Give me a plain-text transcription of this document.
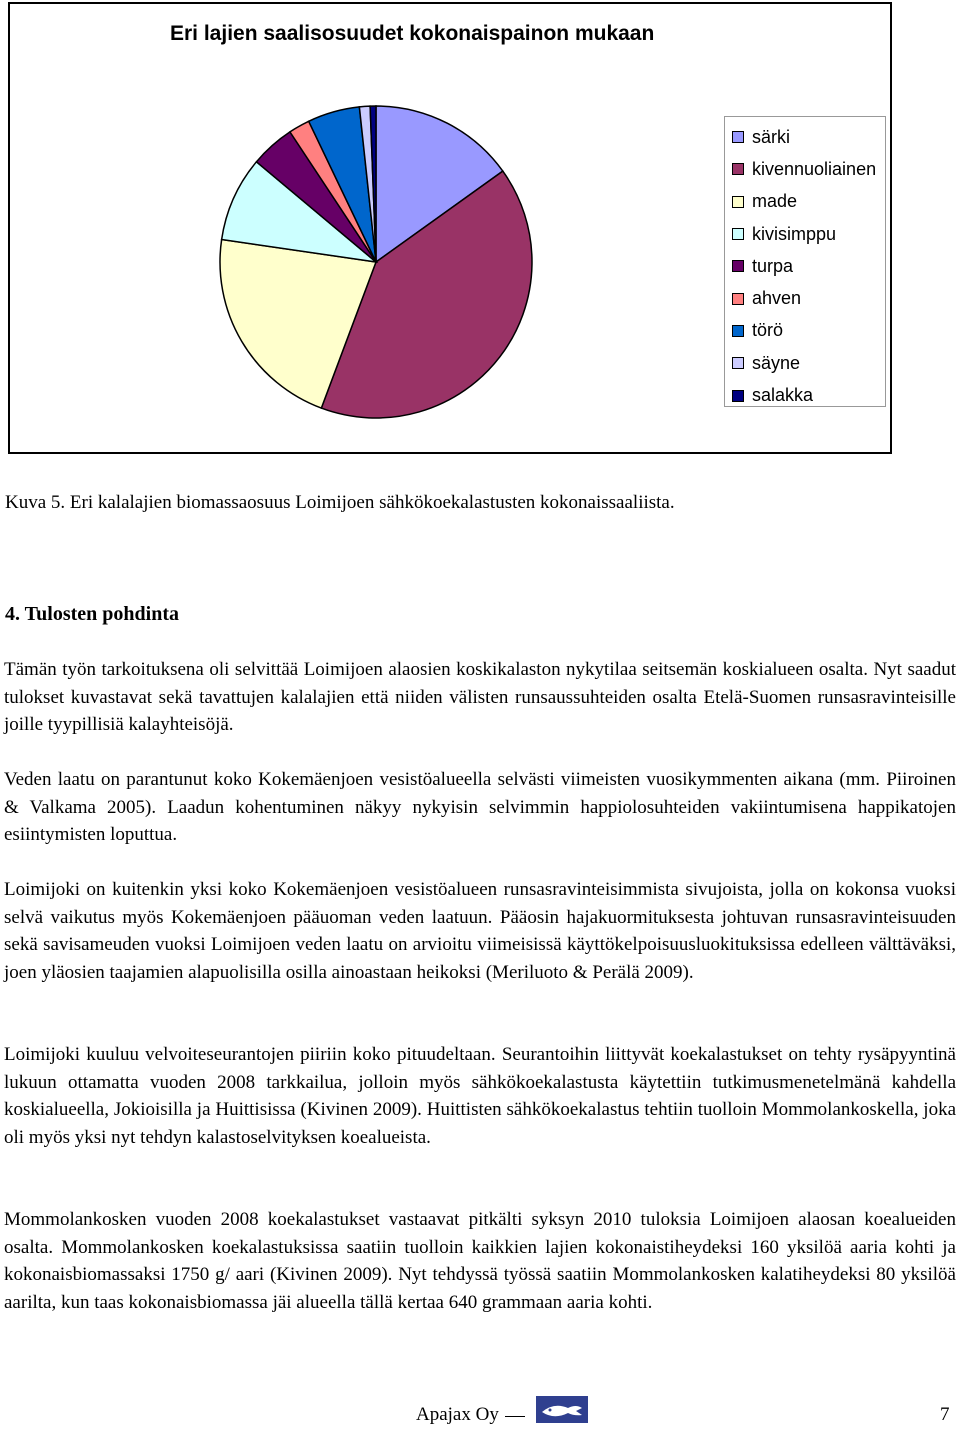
Eri lajien saalisosuudet kokonaispainon mukaan
särki
kivennuoliainen
made
kivisimppu
turpa
ahven
törö
säyne
salakka
Kuva 5. Eri kalalajien biomassaosuus Loimijoen sähkökoekalastusten kokonaissaaliista.
4. Tulosten pohdinta

Tämän työn tarkoituksena oli selvittää Loimijoen alaosien koskikalaston nykytilaa seitsemän koskialueen osalta. Nyt saadut tulokset kuvastavat sekä tavattujen kalalajien että niiden välisten runsaussuhteiden osalta Etelä-Suomen runsasravinteisille joille tyypillisiä kalayhteisöjä.

Veden laatu on parantunut koko Kokemäenjoen vesistöalueella selvästi viimeisten vuosikymmenten aikana (mm. Piiroinen & Valkama 2005). Laadun kohentuminen näkyy nykyisin selvimmin happiolosuhteiden vakiintumisena happikatojen esiintymisten loputtua.

Loimijoki on kuitenkin yksi koko Kokemäenjoen vesistöalueen runsasravinteisimmista sivujoista, jolla on kokonsa vuoksi selvä vaikutus myös Kokemäenjoen pääuoman veden laatuun. Pääosin hajakuormituksesta johtuvan runsasravinteisuuden sekä savisameuden vuoksi Loimijoen veden laatu on arvioitu viimeisissä käyttökelpoisuusluokituksissa edelleen välttäväksi, joen yläosien taajamien alapuolisilla osilla ainoastaan heikoksi (Meriluoto & Perälä 2009).

Loimijoki kuuluu velvoiteseurantojen piiriin koko pituudeltaan. Seurantoihin liittyvät koekalastukset on tehty rysäpyyntinä lukuun ottamatta vuoden 2008 tarkkailua, jolloin myös sähkökoekalastusta käytettiin tutkimusmenetelmänä kahdella koskialueella, Jokioisilla ja Huittisissa (Kivinen 2009). Huittisten sähkökoekalastus tehtiin tuolloin Mommolankoskella, joka oli myös yksi nyt tehdyn kalastoselvityksen koealueista.

Mommolankosken vuoden 2008 koekalastukset vastaavat pitkälti syksyn 2010 tuloksia Loimijoen alaosan koealueiden osalta. Mommolankosken koekalastuksissa saatiin tuolloin kaikkien lajien kokonaistiheydeksi 160 yksilöä aaria kohti ja kokonaisbiomassaksi 1750 g/ aari (Kivinen 2009). Nyt tehdyssä työssä saatiin Mommolankosken kalatiheydeksi 80 yksilöä aarilta, kun taas kokonaisbiomassa jäi alueella tällä kertaa 640 grammaan aaria kohti.

Apajax Oy	7
